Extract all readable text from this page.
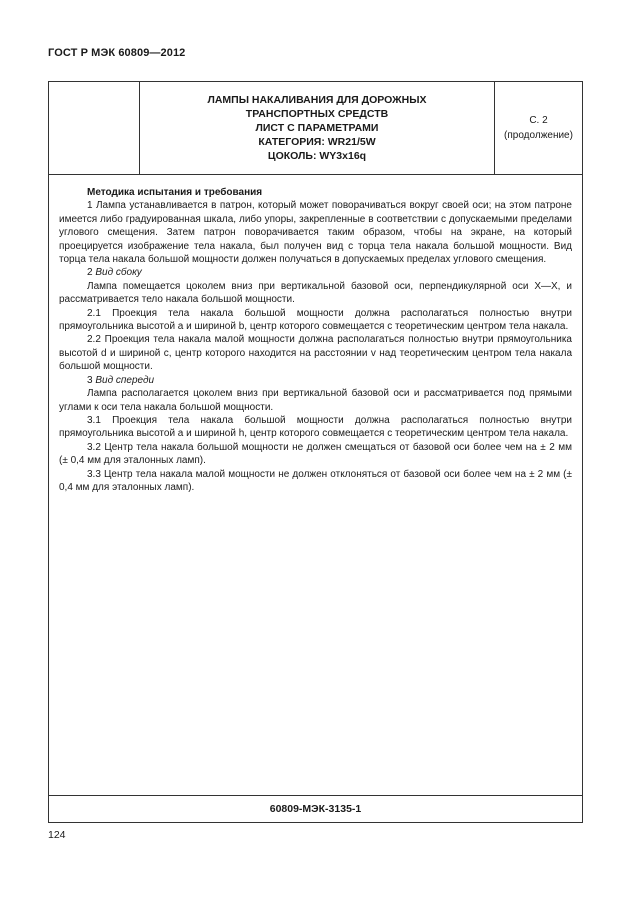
ГОСТ Р МЭК 60809—2012
ЛАМПЫ НАКАЛИВАНИЯ ДЛЯ ДОРОЖНЫХ
ТРАНСПОРТНЫХ СРЕДСТВ
ЛИСТ С ПАРАМЕТРАМИ
КАТЕГОРИЯ: WR21/5W
ЦОКОЛЬ: WY3x16q
С. 2
(продолжение)

Методика испытания и требования

1 Лампа устанавливается в патрон, который может поворачиваться вокруг своей оси; на этом патроне имеется либо градуированная шкала, либо упоры, закрепленные в соответствии с допускаемыми пределами углового смещения. Затем патрон поворачивается таким образом, чтобы на экране, на который проецируется изображение тела накала, был получен вид с торца тела накала большой мощности. Вид торца тела накала большой мощности должен получаться в допускаемых пределах углового смещения.

2 Вид сбоку

Лампа помещается цоколем вниз при вертикальной базовой оси, перпендикулярной оси X—X, и рассматривается тело накала большой мощности.

2.1 Проекция тела накала большой мощности должна располагаться полностью внутри прямоугольника высотой a и шириной b, центр которого совмещается с теоретическим центром тела накала.

2.2 Проекция тела накала малой мощности должна располагаться полностью внутри прямоугольника высотой d и шириной c, центр которого находится на расстоянии v над теоретическим центром тела накала большой мощности.

3 Вид спереди

Лампа располагается цоколем вниз при вертикальной базовой оси и рассматривается под прямыми углами к оси тела накала большой мощности.

3.1 Проекция тела накала большой мощности должна располагаться полностью внутри прямоугольника высотой a и шириной h, центр которого совмещается с теоретическим центром тела накала.

3.2 Центр тела накала большой мощности не должен смещаться от базовой оси более чем на ± 2 мм (± 0,4 мм для эталонных ламп).

3.3 Центр тела накала малой мощности не должен отклоняться от базовой оси более чем на ± 2 мм (± 0,4 мм для эталонных ламп).

60809-МЭК-3135-1
124
